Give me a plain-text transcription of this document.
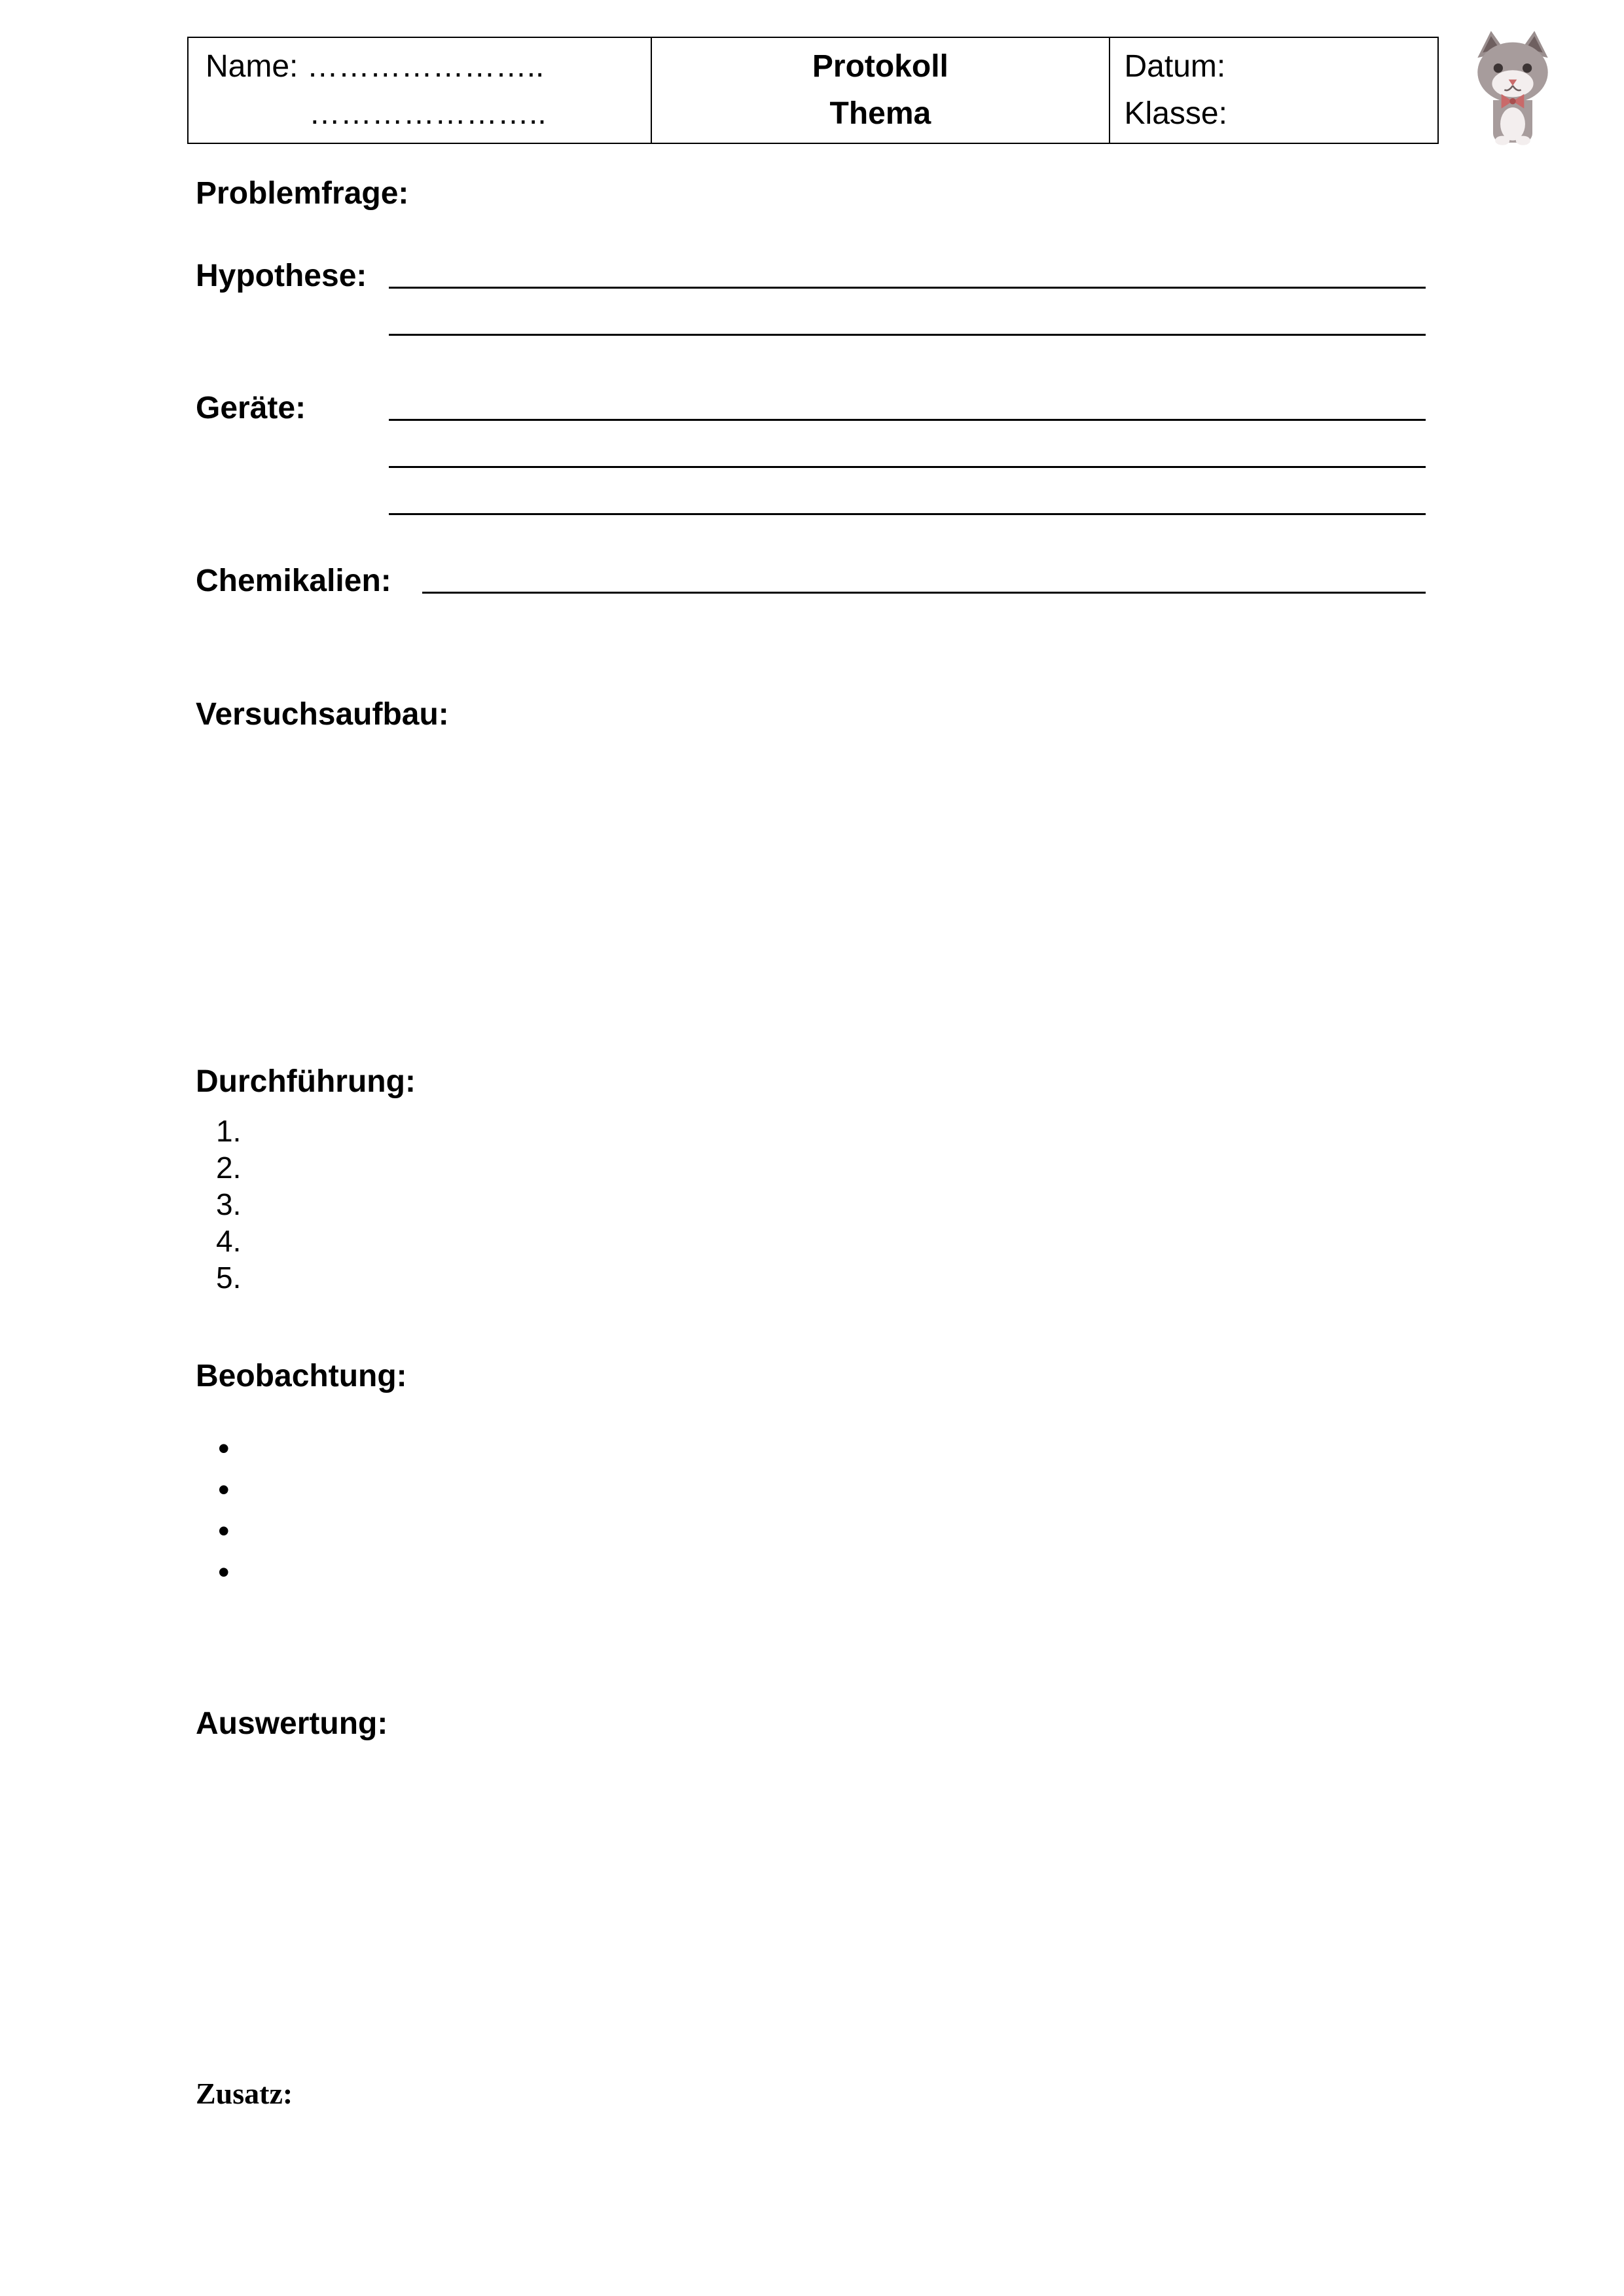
Name: …………………..
…………………..
Protokoll
Thema
Datum:
Klasse:
Problemfrage:
Hypothese:
Geräte:
Chemikalien:
Versuchsaufbau:
Durchführung:
1.
2.
3.
4.
5.
Beobachtung:
•
•
•
•
Auswertung:
Zusatz:
